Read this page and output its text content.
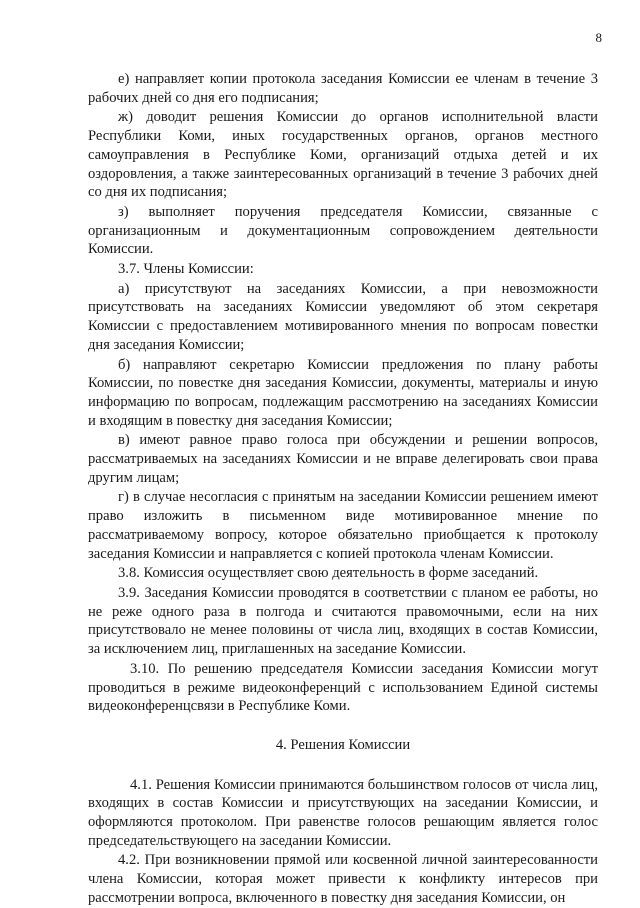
8

е) направляет копии протокола заседания Комиссии ее членам в течение 3 рабочих дней со дня его подписания;

ж) доводит решения Комиссии до органов исполнительной власти Республики Коми, иных государственных органов, органов местного самоуправления в Республике Коми, организаций отдыха детей и их оздоровления, а также заинтересованных организаций в течение 3 рабочих дней со дня их подписания;

з) выполняет поручения председателя Комиссии, связанные с организационным и документационным сопровождением деятельности Комиссии.

3.7. Члены Комиссии:

а) присутствуют на заседаниях Комиссии, а при невозможности присутствовать на заседаниях Комиссии уведомляют об этом секретаря Комиссии с предоставлением мотивированного мнения по вопросам повестки дня заседания Комиссии;

б) направляют секретарю Комиссии предложения по плану работы Комиссии, по повестке дня заседания Комиссии, документы, материалы и иную информацию по вопросам, подлежащим рассмотрению на заседаниях Комиссии и входящим в повестку дня заседания Комиссии;

в) имеют равное право голоса при обсуждении и решении вопросов, рассматриваемых на заседаниях Комиссии и не вправе делегировать свои права другим лицам;

г) в случае несогласия с принятым на заседании Комиссии решением имеют право изложить в письменном виде мотивированное мнение по рассматриваемому вопросу, которое обязательно приобщается к протоколу заседания Комиссии и направляется с копией протокола членам Комиссии.

3.8. Комиссия осуществляет свою деятельность в форме заседаний.

3.9. Заседания Комиссии проводятся в соответствии с планом ее работы, но не реже одного раза в полгода и считаются правомочными, если на них присутствовало не менее половины от числа лиц, входящих в состав Комиссии, за исключением лиц, приглашенных на заседание Комиссии.

3.10. По решению председателя Комиссии заседания Комиссии могут проводиться в режиме видеоконференций с использованием Единой системы видеоконференцсвязи в Республике Коми.

4. Решения Комиссии

4.1. Решения Комиссии принимаются большинством голосов от числа лиц, входящих в состав Комиссии и присутствующих на заседании Комиссии, и оформляются протоколом. При равенстве голосов решающим является голос председательствующего на заседании Комиссии.

4.2. При возникновении прямой или косвенной личной заинтересованности члена Комиссии, которая может привести к конфликту интересов при рассмотрении вопроса, включенного в повестку дня заседания Комиссии, он
